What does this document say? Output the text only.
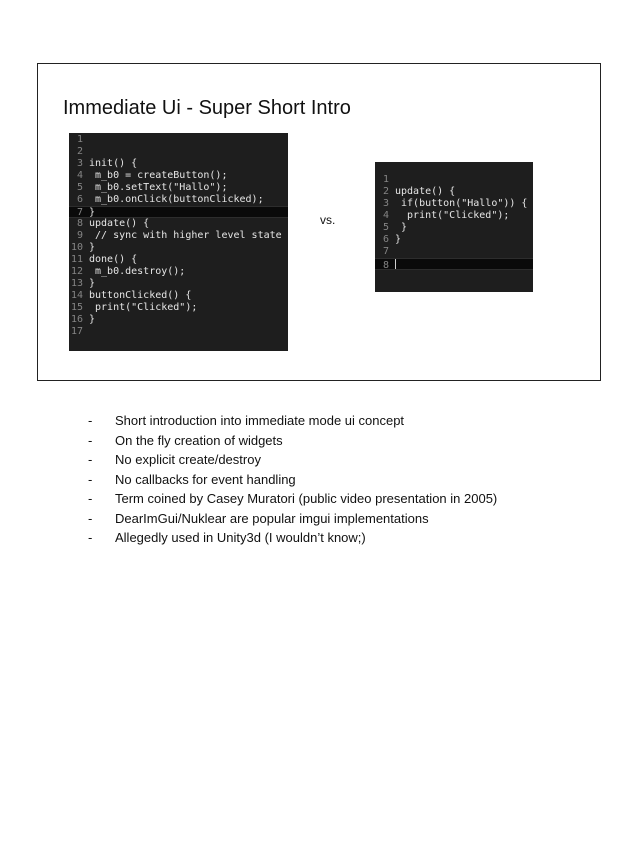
Immediate Ui - Super Short Intro
1
2
3 init() {
4 m_b0 = createButton();
5 m_b0.setText("Hallo");
6 m_b0.onClick(buttonClicked);
7 }
8 update() {
9 // sync with higher level state
10 }
11 done() {
12 m_b0.destroy();
13 }
14 buttonClicked() {
15 print("Clicked");
16 }
17
vs.
1
2 update() {
3 if(button("Hallo")) {
4  print("Clicked");
5 }
6 }
7
8
- Short introduction into immediate mode ui concept
- On the fly creation of widgets
- No explicit create/destroy
- No callbacks for event handling
- Term coined by Casey Muratori (public video presentation in 2005)
- DearImGui/Nuklear are popular imgui implementations
- Allegedly used in Unity3d (I wouldn’t know;)
